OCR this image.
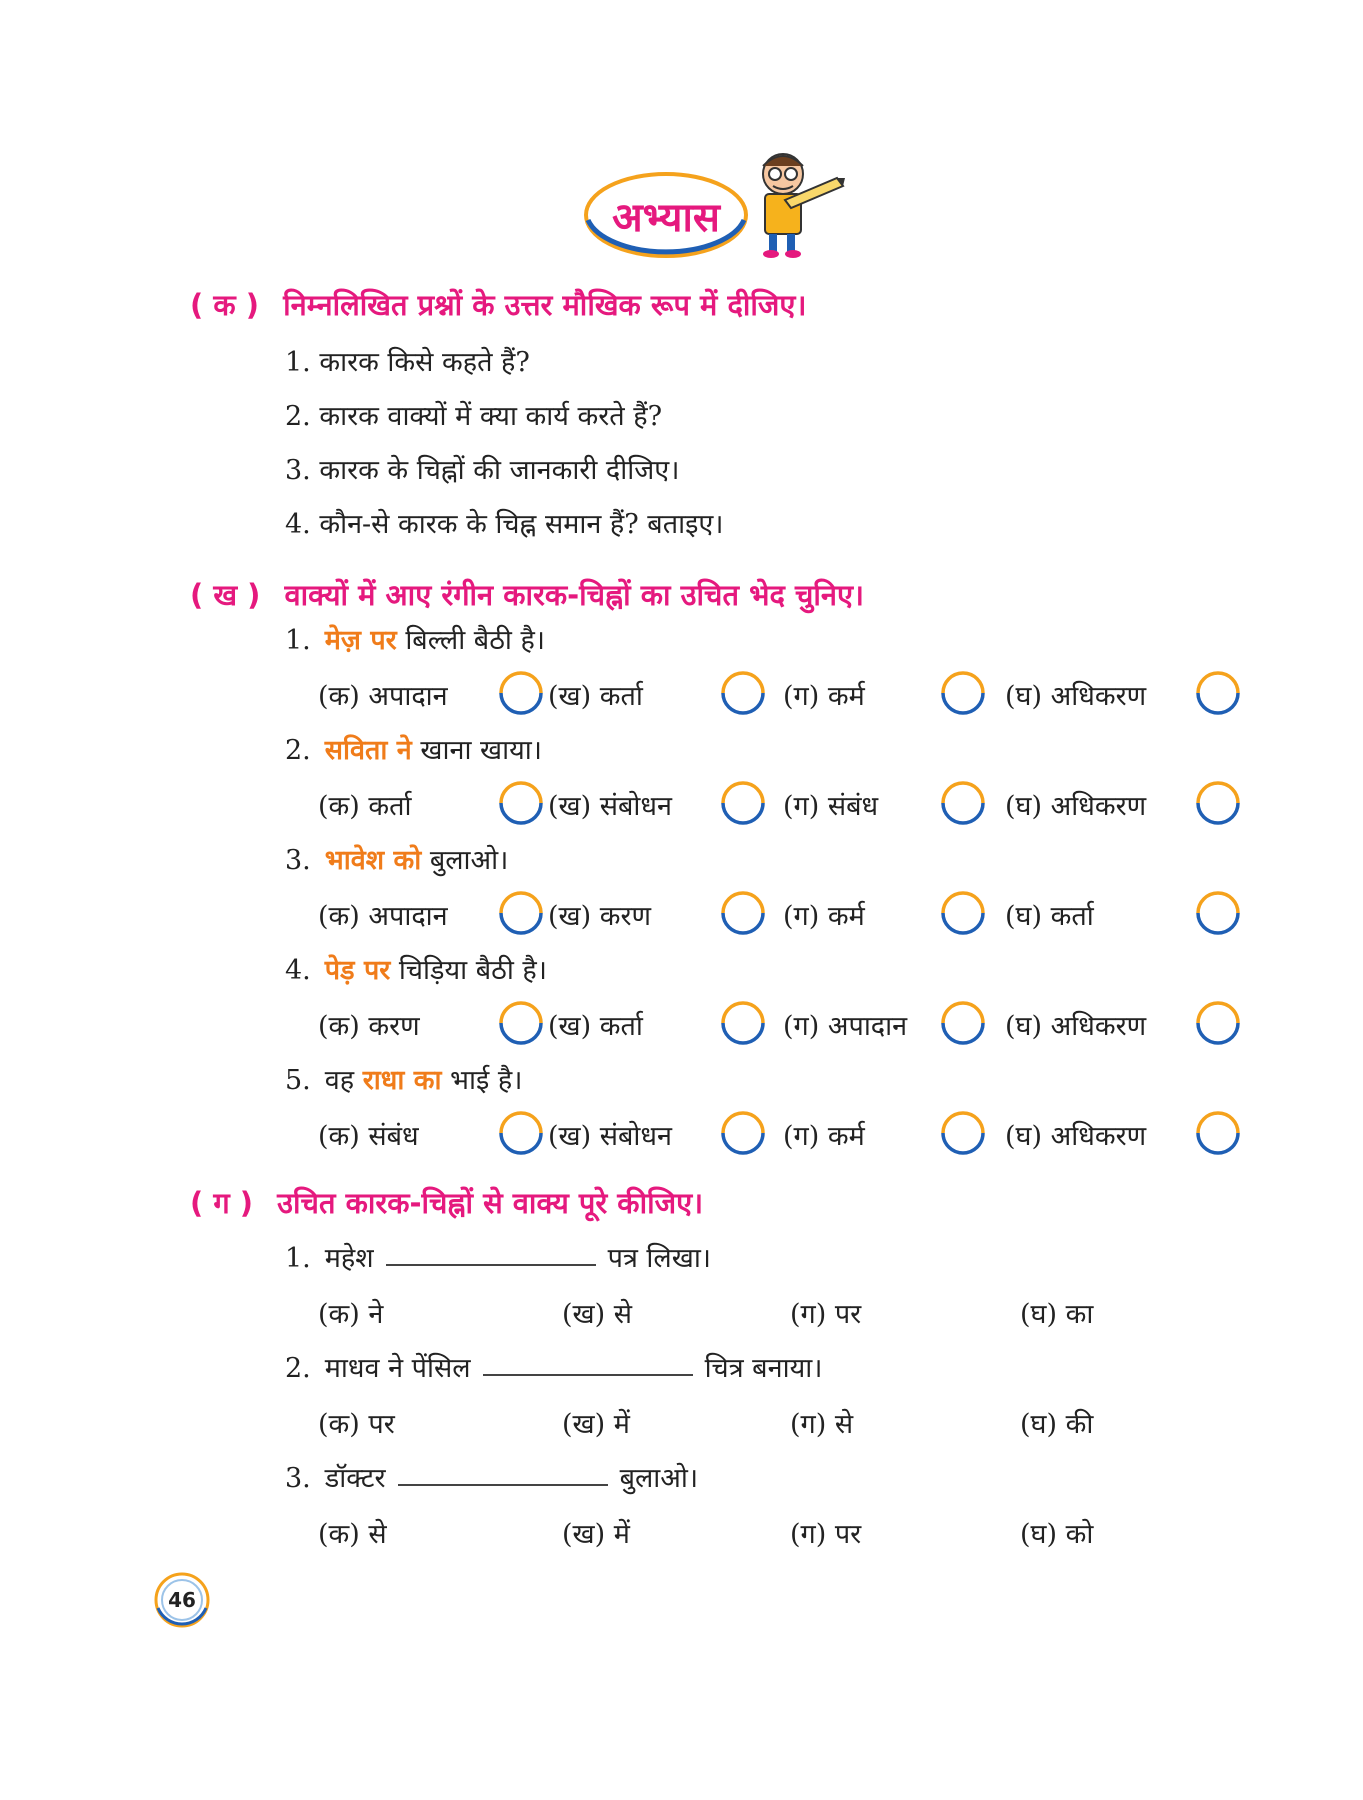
अभ्यास
( क ) निम्नलिखित प्रश्नों के उत्तर मौखिक रूप में दीजिए।
1. कारक किसे कहते हैं?
2. कारक वाक्यों में क्या कार्य करते हैं?
3. कारक के चिह्नों की जानकारी दीजिए।
4. कौन-से कारक के चिह्न समान हैं? बताइए।
( ख ) वाक्यों में आए रंगीन कारक-चिह्नों का उचित भेद चुनिए।
1. मेज़ पर बिल्ली बैठी है।
(क) अपादान	(ख) कर्ता	(ग) कर्म	(घ) अधिकरण
2. सविता ने खाना खाया।
(क) कर्ता	(ख) संबोधन	(ग) संबंध	(घ) अधिकरण
3. भावेश को बुलाओ।
(क) अपादान	(ख) करण	(ग) कर्म	(घ) कर्ता
4. पेड़ पर चिड़िया बैठी है।
(क) करण	(ख) कर्ता	(ग) अपादान	(घ) अधिकरण
5. वह राधा का भाई है।
(क) संबंध	(ख) संबोधन	(ग) कर्म	(घ) अधिकरण
( ग ) उचित कारक-चिह्नों से वाक्य पूरे कीजिए।
1. महेश	पत्र लिखा।
(क) ने	(ख) से	(ग) पर	(घ) का
2. माधव ने पेंसिल	चित्र बनाया।
(क) पर	(ख) में	(ग) से	(घ) की
3. डॉक्टर	बुलाओ।
(क) से	(ख) में	(ग) पर	(घ) को
46
